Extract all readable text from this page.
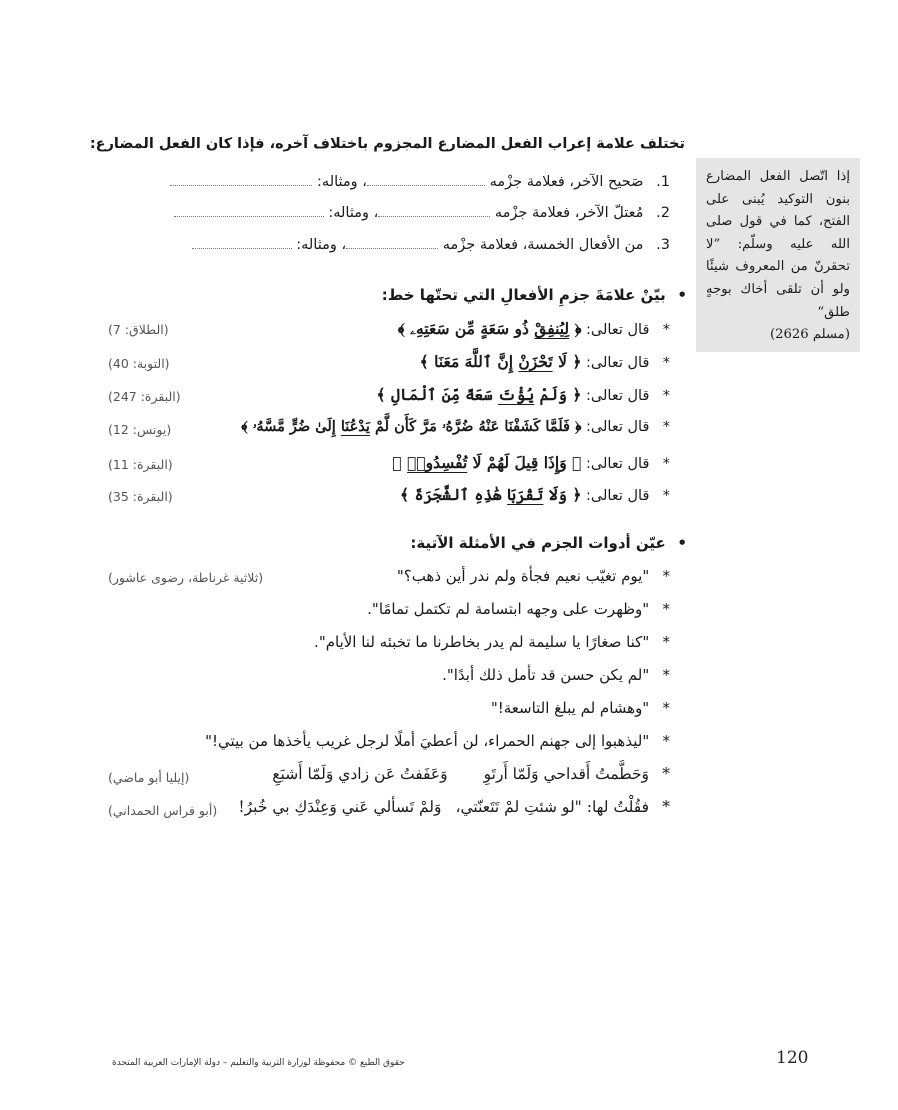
إذا اتّصل الفعل المضارع بنون التوكيد يُبنى على الفتح، كما في قول صلى الله عليه وسلّم: ”لا تحقرنّ من المعروف شيئًا ولو أن تلقى أخاك بوجهٍ طلق“
(مسلم 2626)
تختلف علامة إعراب الفعل المضارع المجزوم باختلاف آخره، فإذا كان الفعل المضارع:
1. صَحيح الآخر، فعلامة جزْمه ، ومثاله:
2. مُعتلّ الآخر، فعلامة جزْمه ، ومثاله:
3. من الأفعال الخمسة، فعلامة جزْمه ، ومثاله:
• بيّنْ علامَةَ جزمِ الأفعالِ التي تحتّها خط:
* قال تعالى: ﴿ لِيُنفِقْ ذُو سَعَةٍ مِّن سَعَتِهِۦ ﴾
(الطلاق: 7)
* قال تعالى: ﴿ لَا تَحْزَنْ إِنَّ ٱللَّهَ مَعَنَا ﴾
(التوبة: 40)
* قال تعالى: ﴿ وَلَمْ يُؤْتَ سَعَةً مِّنَ ٱلْمَالِ ﴾
(البقرة: 247)
* قال تعالى: ﴿ فَلَمَّا كَشَفْنَا عَنْهُ ضُرَّهُۥ مَرَّ كَأَن لَّمْ يَدْعُنَا إِلَىٰ ضُرٍّ مَّسَّهُۥ ﴾
(يونس: 12)
* قال تعالى: ﴿ وَإِذَا قِيلَ لَهُمْ لَا تُفْسِدُوا۟ ﴾
(البقرة: 11)
* قال تعالى: ﴿ وَلَا تَقْرَبَا هَٰذِهِ ٱلشَّجَرَةَ ﴾
(البقرة: 35)
• عيّن أدوات الجزم في الأمثلة الآتية:
* "يوم تغيّب نعيم فجأة ولم ندر أين ذهب؟"
(ثلاثية غرناطة، رضوى عاشور)
* "وظهرت على وجهه ابتسامة لم تكتمل تمامًا".
* "كنا صغارًا يا سليمة لم يدر بخاطرنا ما تخبئه لنا الأيام".
* "لم يكن حسن قد تأمل ذلك أبدًا".
* "وهشام لم يبلغ التاسعة!"
* "ليذهبوا إلى جهنم الحمراء، لن أعطيَ أملًا لرجل غريب يأخذها من بيتي!"
* وَحَطَّمتُ أَقداحي وَلَمّا أَرتَوِوَعَفَفتُ عَن زادي وَلَمّا أَشبَعِ
(إيليا أبو ماضي)
* فقُلْتُ لها: "لو شئتِ لمْ تَتَعنّتي،وَلمْ تَسألي عَني وَعِنْدَكِ بي خُبرُ!
(أبو فراس الحمداني)
حقوق الطبع © محفوظة لوزارة التربية والتعليم – دولة الإمارات العربية المتحدة	120
